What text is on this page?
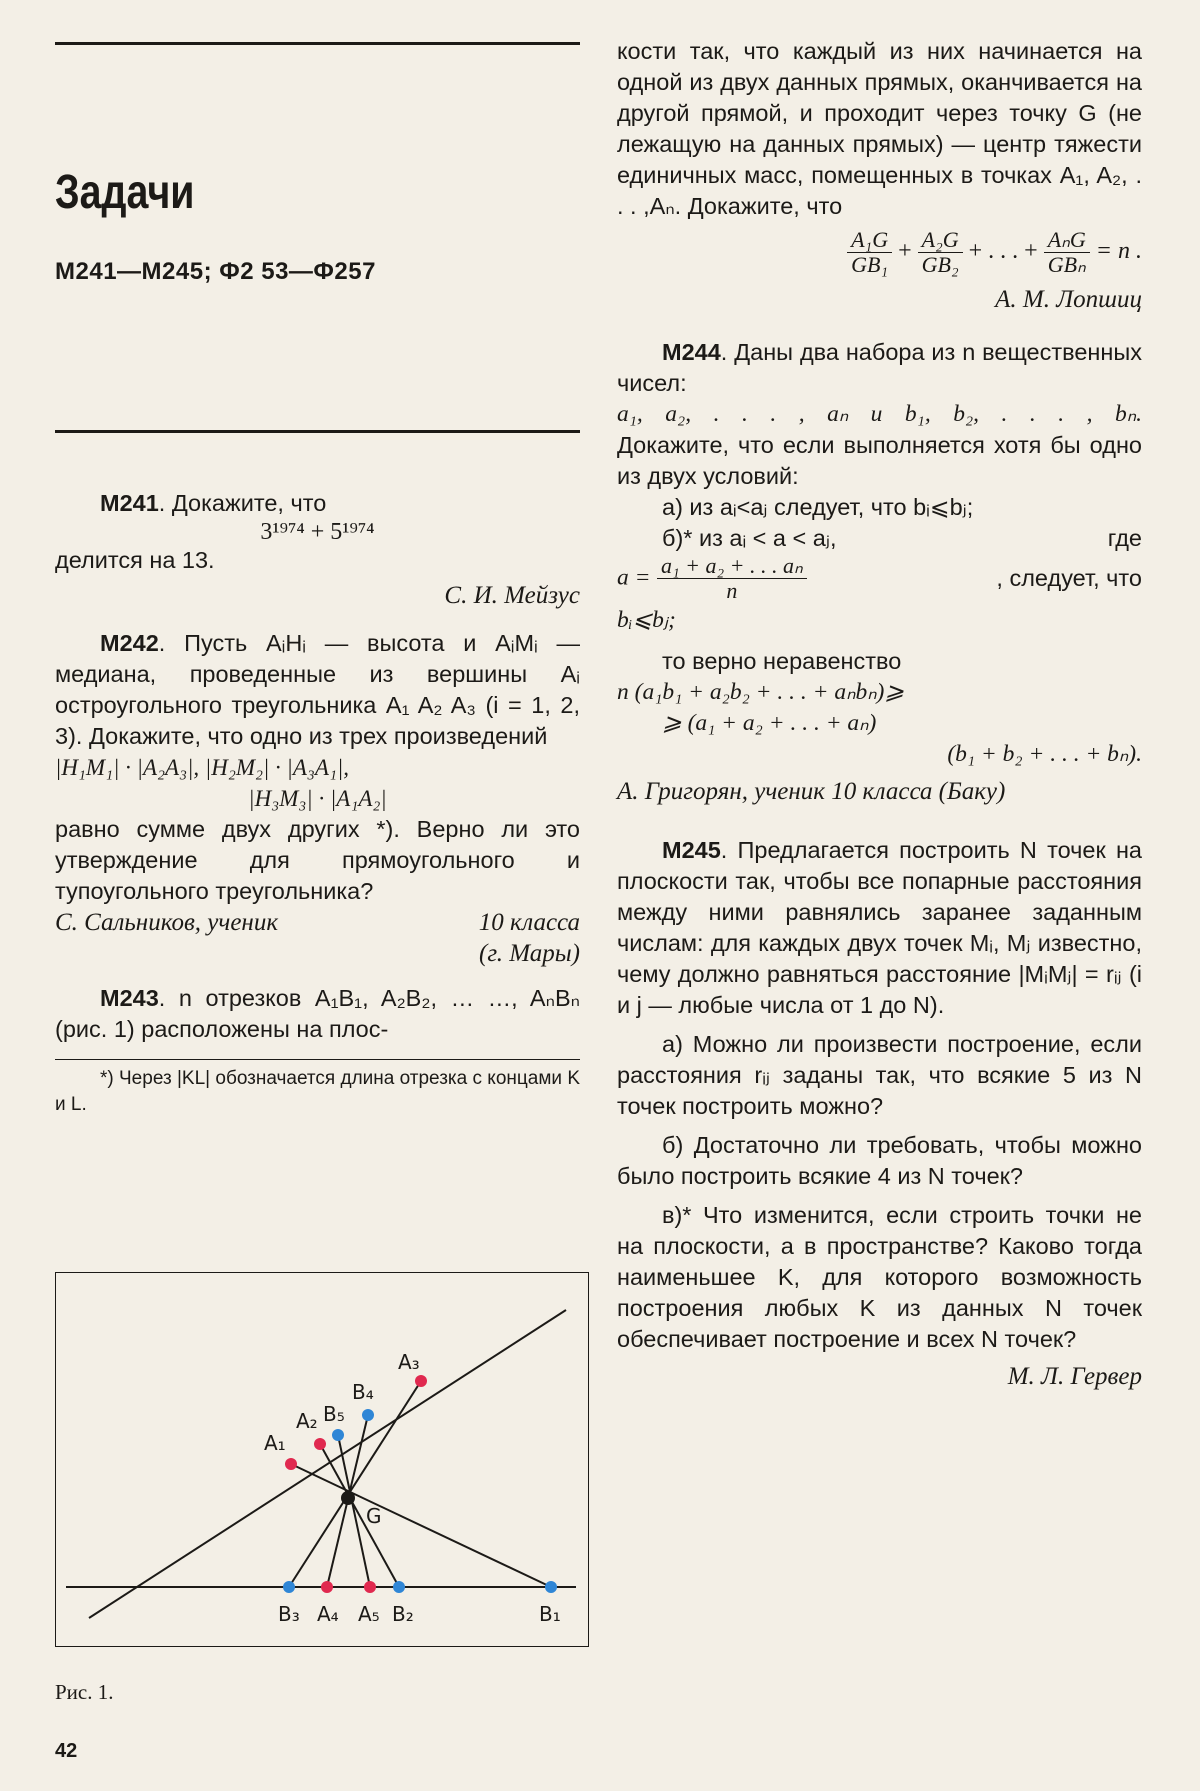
Задачи
М241—М245; Ф2 53—Ф257

М241. Докажите, что

3¹⁹⁷⁴ + 5¹⁹⁷⁴

делится на 13.

С. И. Мейзус

М242. Пусть AᵢHᵢ — высота и AᵢMᵢ — медиана, проведенные из вершины Aᵢ остроугольного треугольника A₁ A₂ A₃ (i = 1, 2, 3). Докажите, что одно из трех произведений

|H₁M₁| · |A₂A₃|, |H₂M₂| · |A₃A₁|,
|H₃M₃| · |A₁A₂|

равно сумме двух других *). Верно ли это утверждение для прямоугольного и тупоугольного треугольника?

С. Сальников, ученик	10 класса
(г. Мары)

М243. n отрезков A₁B₁, A₂B₂, … …, AₙBₙ (рис. 1) расположены на плос-

*) Через |KL| обозначается длина отрезка с концами K и L.

A₃
B₄
B₅
A₂
A₁
G
B₃ A₄ A₅ B₂	B₁
Рис. 1.
42

кости так, что каждый из них начинается на одной из двух данных прямых, оканчивается на другой прямой, и проходит через точку G (не лежащую на данных прямых) — центр тяжести единичных масс, помещенных в точках A₁, A₂, . . . ,Aₙ. Докажите, что

$\frac{\text{A₁G}}{\text{GB₁}} + \frac{\text{A₂G}}{\text{GB₂}}$ + . . . + $\frac{\text{AₙG}}{\text{GBₙ}} = n$ .
А. М. Лопшиц

М244. Даны два набора из n вещественных чисел:

a₁, a₂, . . . , aₙ и b₁, b₂, . . . , bₙ.

Докажите, что если выполняется хотя бы одно из двух условий:

а) из aᵢ<aⱼ следует, что bᵢ⩽bⱼ;

б)* из aᵢ < a < aⱼ,	где
$a = \frac{\text{a₁ + a₂ + . . . aₙ}}{n}$	, следует, что

bᵢ⩽bⱼ;

то верно неравенство

n (a₁b₁ + a₂b₂ + . . . + aₙbₙ)⩾
⩾ (a₁ + a₂ + . . . + aₙ)
(b₁ + b₂ + . . . + bₙ).
А. Григорян, ученик 10 класса (Баку)

М245. Предлагается построить N точек на плоскости так, чтобы все попарные расстояния между ними равнялись заранее заданным числам: для каждых двух точек Mᵢ, Mⱼ известно, чему должно равняться расстояние |MᵢMⱼ| = rᵢⱼ (i и j — любые числа от 1 до N).

а) Можно ли произвести построение, если расстояния rᵢⱼ заданы так, что всякие 5 из N точек построить можно?

б) Достаточно ли требовать, чтобы можно было построить всякие 4 из N точек?

в)* Что изменится, если строить точки не на плоскости, а в пространстве? Каково тогда наименьшее K, для которого возможность построения любых K из данных N точек обеспечивает построение и всех N точек?

М. Л. Гервер
